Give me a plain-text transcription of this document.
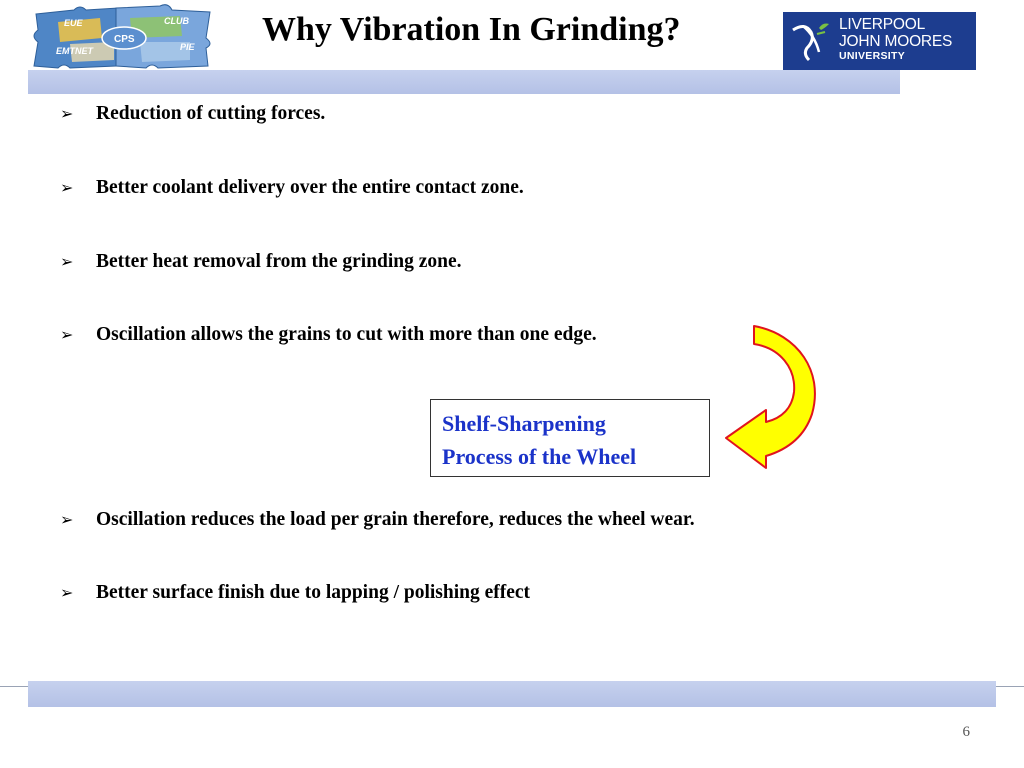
EUE	CLUB
CPS
EMTNET	PIE Why Vibration In Grinding?	LIVERPOOL
JOHN MOORES
UNIVERSITY
➢ Reduction of cutting forces.
➢ Better coolant delivery over the entire contact zone.
➢ Better heat removal from the grinding zone.
➢ Oscillation allows the grains to cut with more than one edge.
Shelf-Sharpening
Process of the Wheel
➢ Oscillation reduces the load per grain therefore, reduces the wheel wear.
➢ Better surface finish due to lapping / polishing effect
6
